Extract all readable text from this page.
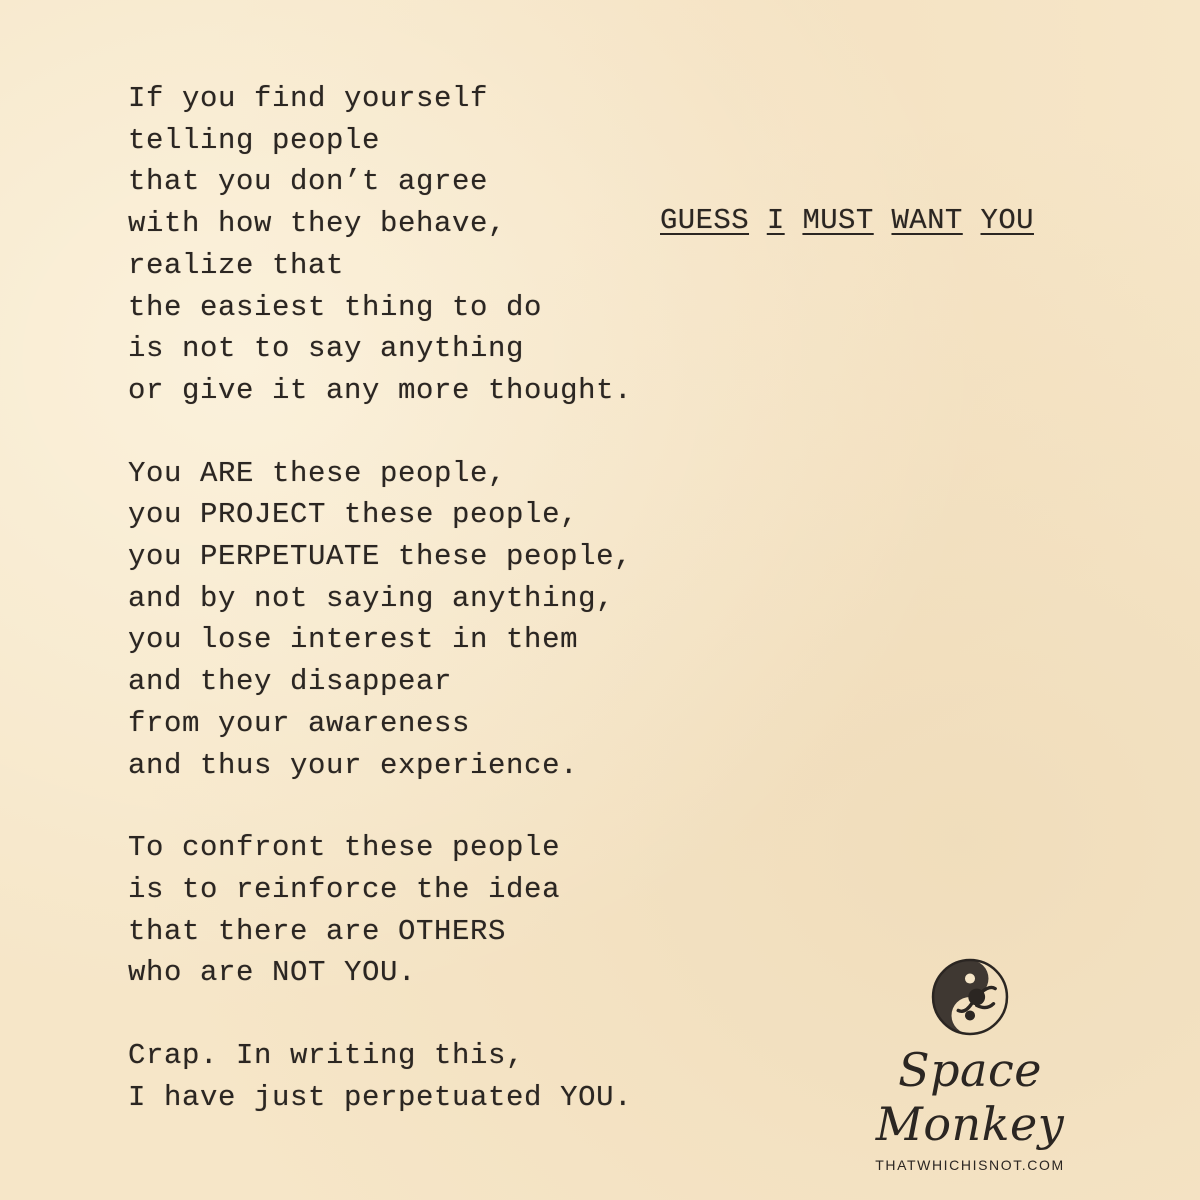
If you find yourself
telling people
that you don’t agree
with how they behave,
realize that
the easiest thing to do
is not to say anything
or give it any more thought.
You ARE these people,
you PROJECT these people,
you PERPETUATE these people,
and by not saying anything,
you lose interest in them
and they disappear
from your awareness
and thus your experience.
To confront these people
is to reinforce the idea
that there are OTHERS
who are NOT YOU.
Crap. In writing this,
I have just perpetuated YOU.
GUESS I MUST WANT YOU
Space Monkey
THATWHICHISNOT.COM
